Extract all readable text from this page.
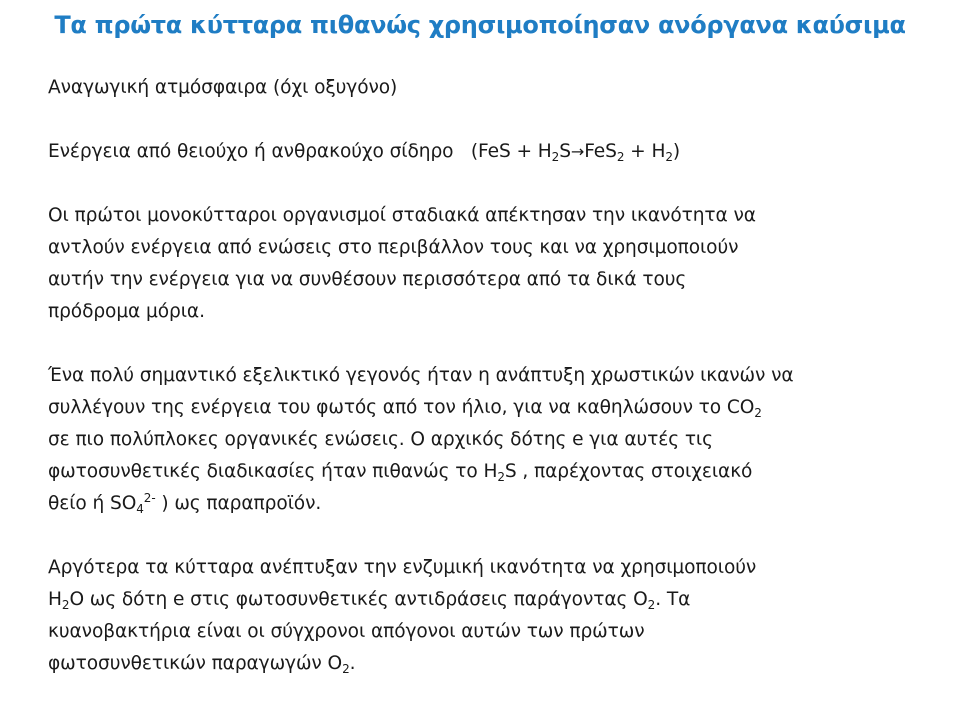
Τα πρώτα κύτταρα πιθανώς χρησιμοποίησαν ανόργανα καύσιμα

Αναγωγική ατμόσφαιρα (όχι οξυγόνο)

Ενέργεια από θειούχο ή ανθρακούχο σίδηρο $(FeS + H_2S\to FeS_2 + H_2)$

Οι πρώτοι μονοκύτταροι οργανισμοί σταδιακά απέκτησαν την ικανότητα να
αντλούν ενέργεια από ενώσεις στο περιβάλλον τους και να χρησιμοποιούν
αυτήν την ενέργεια για να συνθέσουν περισσότερα από τα δικά τους
πρόδρομα μόρια.

Ένα πολύ σημαντικό εξελικτικό γεγονός ήταν η ανάπτυξη χρωστικών ικανών να
συλλέγουν της ενέργεια του φωτός από τον ήλιο, για να καθηλώσουν το $CO_2$
σε πιο πολύπλοκες οργανικές ενώσεις. Ο αρχικός δότης e για αυτές τις
φωτοσυνθετικές διαδικασίες ήταν πιθανώς το $H_2S$ , παρέχοντας στοιχειακό
θείο ή $SO_4^{2-}$ ) ως παραπροϊόν.

Αργότερα τα κύτταρα ανέπτυξαν την ενζυμική ικανότητα να χρησιμοποιούν
$H_2O$ ως δότη e στις φωτοσυνθετικές αντιδράσεις παράγοντας $O_2$. Τα
κυανοβακτήρια είναι οι σύγχρονοι απόγονοι αυτών των πρώτων
φωτοσυνθετικών παραγωγών $O_2$.
